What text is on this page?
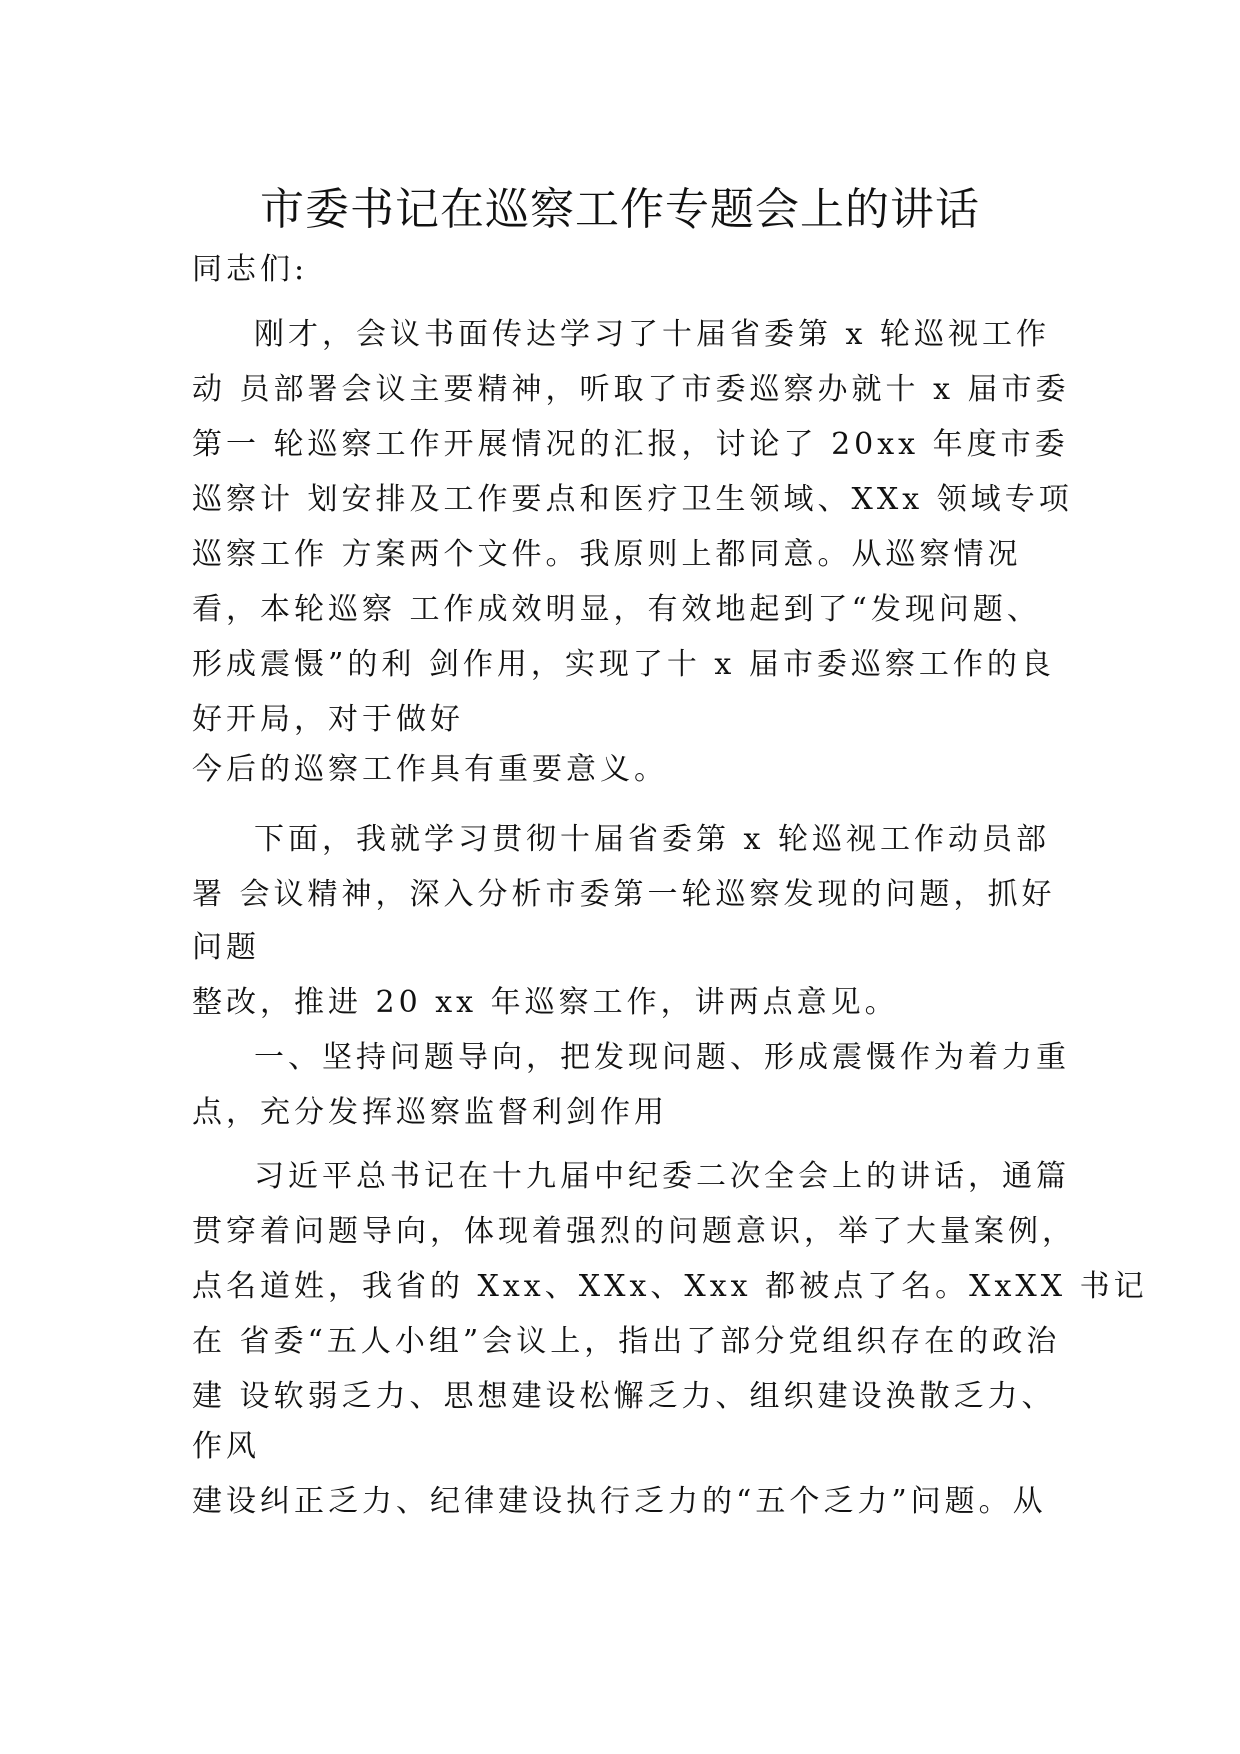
市委书记在巡察工作专题会上的讲话
同志们:
刚才，会议书面传达学习了十届省委第 x 轮巡视工作
动 员部署会议主要精神，听取了市委巡察办就十 x 届市委
第一 轮巡察工作开展情况的汇报，讨论了 20xx 年度市委
巡察计 划安排及工作要点和医疗卫生领域、XXx 领域专项
巡察工作 方案两个文件。我原则上都同意。从巡察情况
看，本轮巡察 工作成效明显，有效地起到了“发现问题、
形成震慑”的利 剑作用，实现了十 x 届市委巡察工作的良
好开局，对于做好
今后的巡察工作具有重要意义。
下面，我就学习贯彻十届省委第 x 轮巡视工作动员部
署 会议精神，深入分析市委第一轮巡察发现的问题，抓好
问题
整改，推进 20 xx 年巡察工作，讲两点意见。
一、坚持问题导向，把发现问题、形成震慑作为着力重
点，充分发挥巡察监督利剑作用
习近平总书记在十九届中纪委二次全会上的讲话，通篇
贯穿着问题导向，体现着强烈的问题意识，举了大量案例，
点名道姓，我省的 Xxx、XXx、Xxx 都被点了名。XxXX 书记
在 省委“五人小组”会议上，指出了部分党组织存在的政治
建 设软弱乏力、思想建设松懈乏力、组织建设涣散乏力、
作风
建设纠正乏力、纪律建设执行乏力的“五个乏力”问题。从
